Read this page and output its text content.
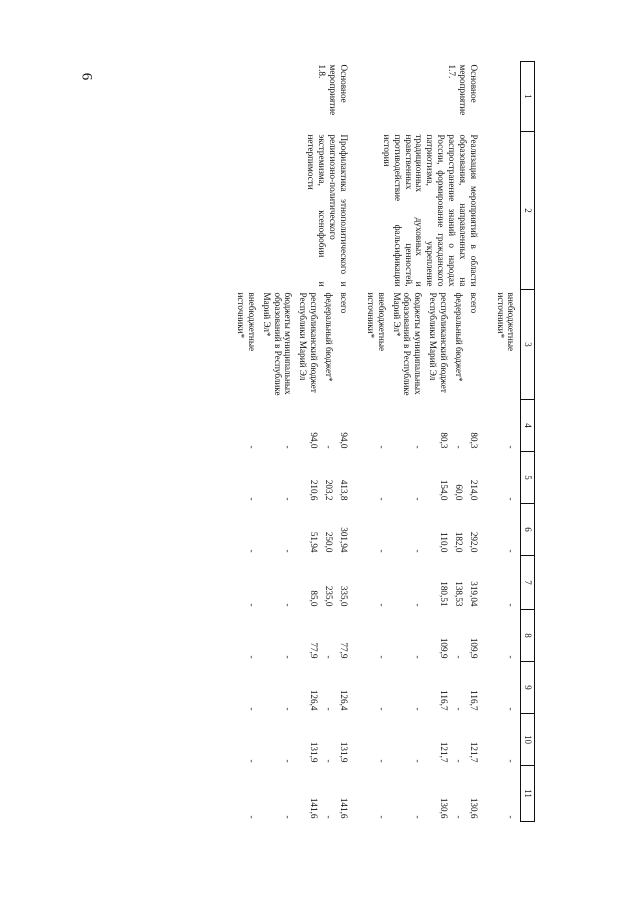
6
1	2	3	4	5	6	7	8	9	10	11
		внебюджетные источники*	-	-	-	-	-	-	-	-

Основное мероприятие 1.7.	Реализация мероприятий в области образования, направленных на распространение знаний о народах России, формирование гражданского патриотизма, укрепление традиционных духовных и нравственных ценностей, противодействие фальсификации истории	всего	80,3	214,0	292,0	319,04	109,9	116,7	121,7	130,6
		федеральный бюджет*	-	60,0	182,0	138,53	-	-	-	-
		республиканский бюджет Республики Марий Эл	80,3	154,0	110,0	180,51	109,9	116,7	121,7	130,6
		бюджеты муниципальных образований в Республике Марий Эл*	-	-	-	-	-	-	-	-
		внебюджетные источники*	-	-	-	-	-	-	-	-

Основное мероприятие 1.8.	Профилактика этнополитического и религиозно-политического экстремизма, ксенофобии и нетерпимости	всего	94,0	413,8	301,94	335,0	77,9	126,4	131,9	141,6
		федеральный бюджет*	-	203,2	250,0	235,0	-	-	-	-
		республиканский бюджет Республики Марий Эл	94,0	210,6	51,94	85,0	77,9	126,4	131,9	141,6
		бюджеты муниципальных образований в Республике Марий Эл*	-	-	-	-	-	-	-	-
		внебюджетные источники*	-	-	-	-	-	-	-	-
